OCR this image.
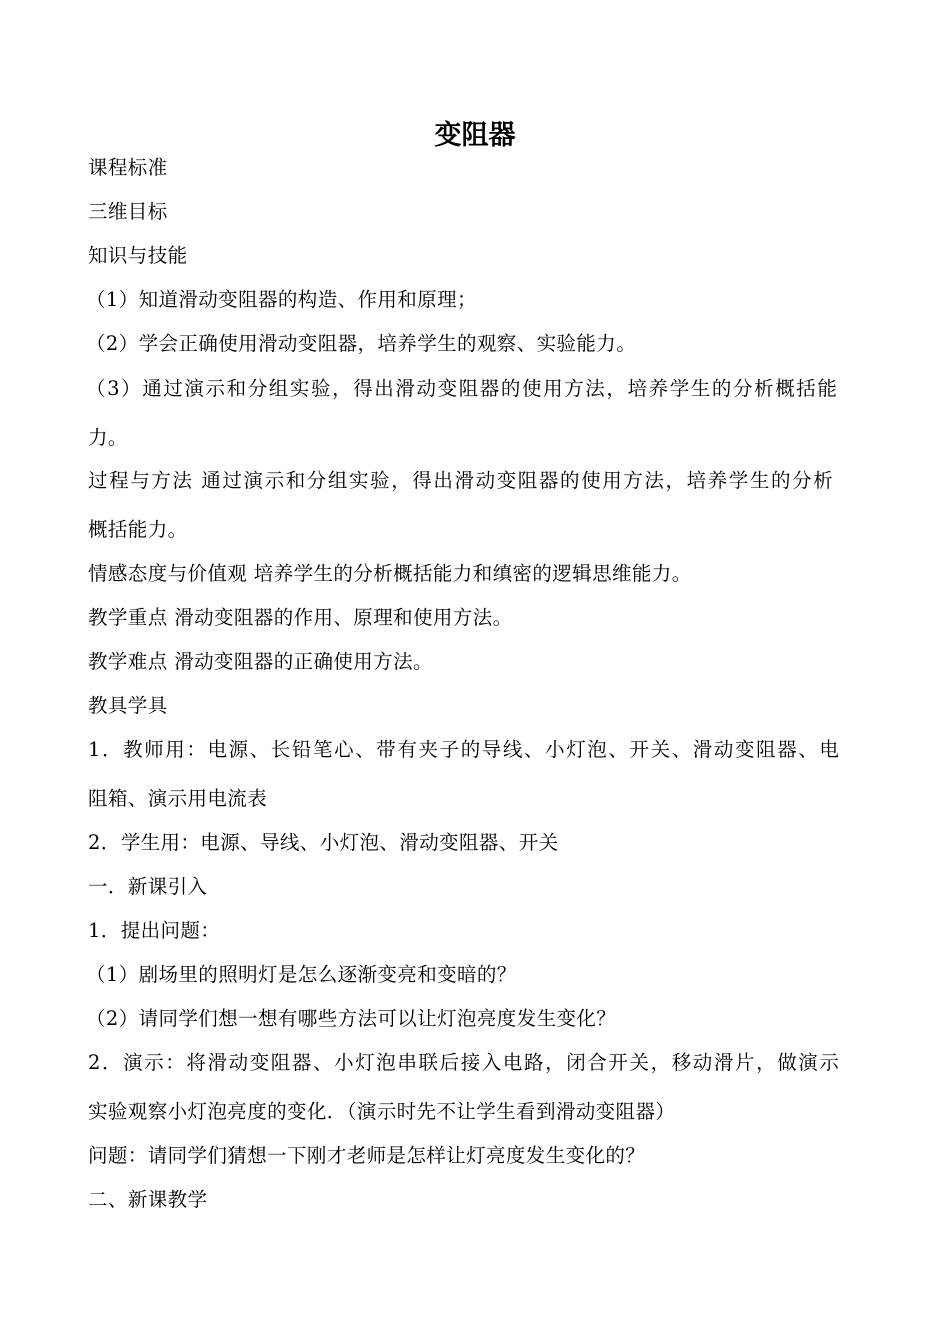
变阻器
课程标准
三维目标
知识与技能
（1）知道滑动变阻器的构造、作用和原理；
（2）学会正确使用滑动变阻器，培养学生的观察、实验能力。
（3）通过演示和分组实验，得出滑动变阻器的使用方法，培养学生的分析概括能
力。
过程与方法 通过演示和分组实验，得出滑动变阻器的使用方法，培养学生的分析
概括能力。
情感态度与价值观 培养学生的分析概括能力和缜密的逻辑思维能力。
教学重点 滑动变阻器的作用、原理和使用方法。
教学难点 滑动变阻器的正确使用方法。
教具学具
1．教师用：电源、长铅笔心、带有夹子的导线、小灯泡、开关、滑动变阻器、电
阻箱、演示用电流表
2．学生用：电源、导线、小灯泡、滑动变阻器、开关
一．新课引入
1．提出问题：
（1）剧场里的照明灯是怎么逐渐变亮和变暗的？
（2）请同学们想一想有哪些方法可以让灯泡亮度发生变化？
2．演示：将滑动变阻器、小灯泡串联后接入电路，闭合开关，移动滑片，做演示
实验观察小灯泡亮度的变化．（演示时先不让学生看到滑动变阻器）
问题：请同学们猜想一下刚才老师是怎样让灯亮度发生变化的？
二、新课教学
